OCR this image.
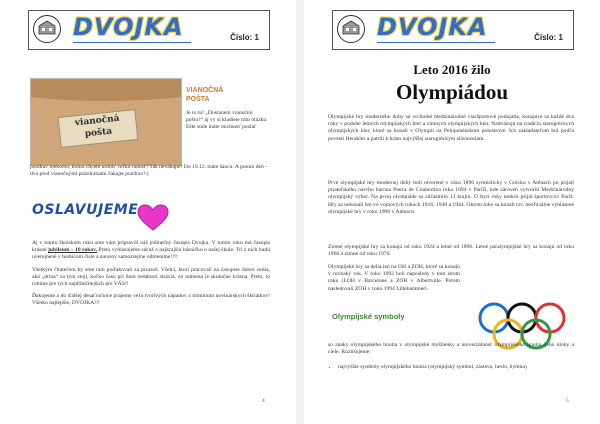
DVOJKA	Číslo: 1
vianočná
pošta
VIANOČNÁ
POŠTA
Je to tu! „Dostanem vianočnú poštu?“ aj vy si kladiete túto otázku. Ešte stále máte možnosť poslať
pozdrav niekomu, komu chcete urobiť veľkú radosť! Tak neváhajte! Do 19.12. máte šancu. A potom deň - dva pred vianočnými prázdninami čakajte pozdrav!:)
OSLAVUJEME

Aj v tomto školskom roku sme vám pripravili náš jedinečný časopis Dvojka. V tomto roku má časopis krásne jubileum – 10 rokov. Preto vyhlasujeme súťaž o najkrajšiu básničku o našej škole. Tri z nich budú uverejnené v budúcom čísle a autorov samozrejme odmeníme!!!!

Všetkým čitateľom by sme radi poďakovali za priazeň. Všetci, ktorí pracovali na časopise dobre vedia, aká „drina“ za tým stojí, koľko času pri ňom redaktori strávia, no odmena je skutočne krásna. Preto, to robíme pre tých najdôležitejších pre VÁS!!

Ďakujeme a do ďalšej desaťročnice prajeme veľa tvorivých nápadov a minimum novinárskych škriatkov! Všetko najlepšie, DVOJKA!!!

4
DVOJKA	Číslo: 1
Leto 2016 žilo
Olympiádou

Olympijské hry moderného doby sú vrcholné medzinárodné viacšportové podujatie, konajúce sa každé dva roky v podobe letných olympijských hier a zimných olympijských hier. Nadväzujú na tradíciu starogréckych olympijských hier, ktoré sa konali v Olympii na Peloponézskom polostrove. Ich zakladateľom bol podľa povesti Herakles a patrili k hrám najvýššej starogréckym slávnostiam.

Prvé olympijské hry modernej doby boli otvorené v roku 1896 symbolicky v Grécku v Aténach po prijatí priateľského návrhu barona Pierra de Coubertina roku 1894 v Paríži, kde zároveň vytvorili Medzinárodný olympijský výbor. Na prvej olympiáde sa zúčastnilo 13 krajín. O štyri roky neskôr prijal športovcov Paríž. Hry sa nekonali len vo vojnových rokoch 1916, 1940 a 1944. Okrem toho sa konali tzv. neoficiálne vyhlásené olympijské hry v roku 1906 v Aténach.

Zimné olympijské hry sa konajú od roku 1924 a letné od 1896. Letné paralympijské hry sa konajú od roku 1960 a zimné od roku 1976.

Olympijské hry sa delia len na OH a ZOH, ktoré sa konajú v rovnaký rok. V roku 1992 boli naposledy v tom istom roku (LOH v Barcelone a ZOH v Albertville. Potom nasledovali ZOH v roku 1994 Lillehammeri.

Olympijské symboly

so znaky olympijského hnutia v olympijské myšlienky a univerzálnosť olympijského hnutia, jeho úlohy a ciele. Rozlišujeme:

• najvyššie symboly olympijského hnutia (olympijský symbol, zástava, heslo, hymna)
5
